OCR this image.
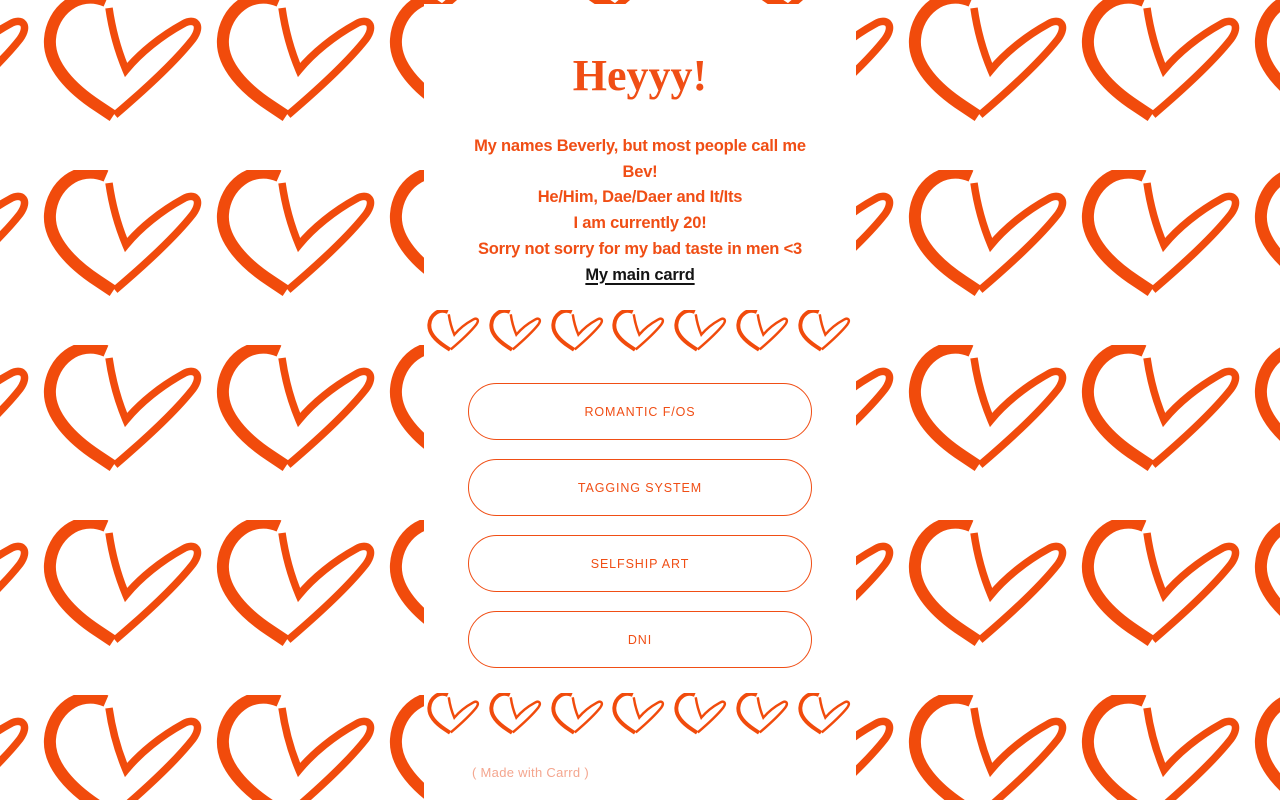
Heyyy!
My names Beverly, but most people call me
Bev!
He/Him, Dae/Daer and It/Its
I am currently 20!
Sorry not sorry for my bad taste in men <3
My main carrd
ROMANTIC F/OS
TAGGING SYSTEM
SELFSHIP ART
DNI
( Made with Carrd )
